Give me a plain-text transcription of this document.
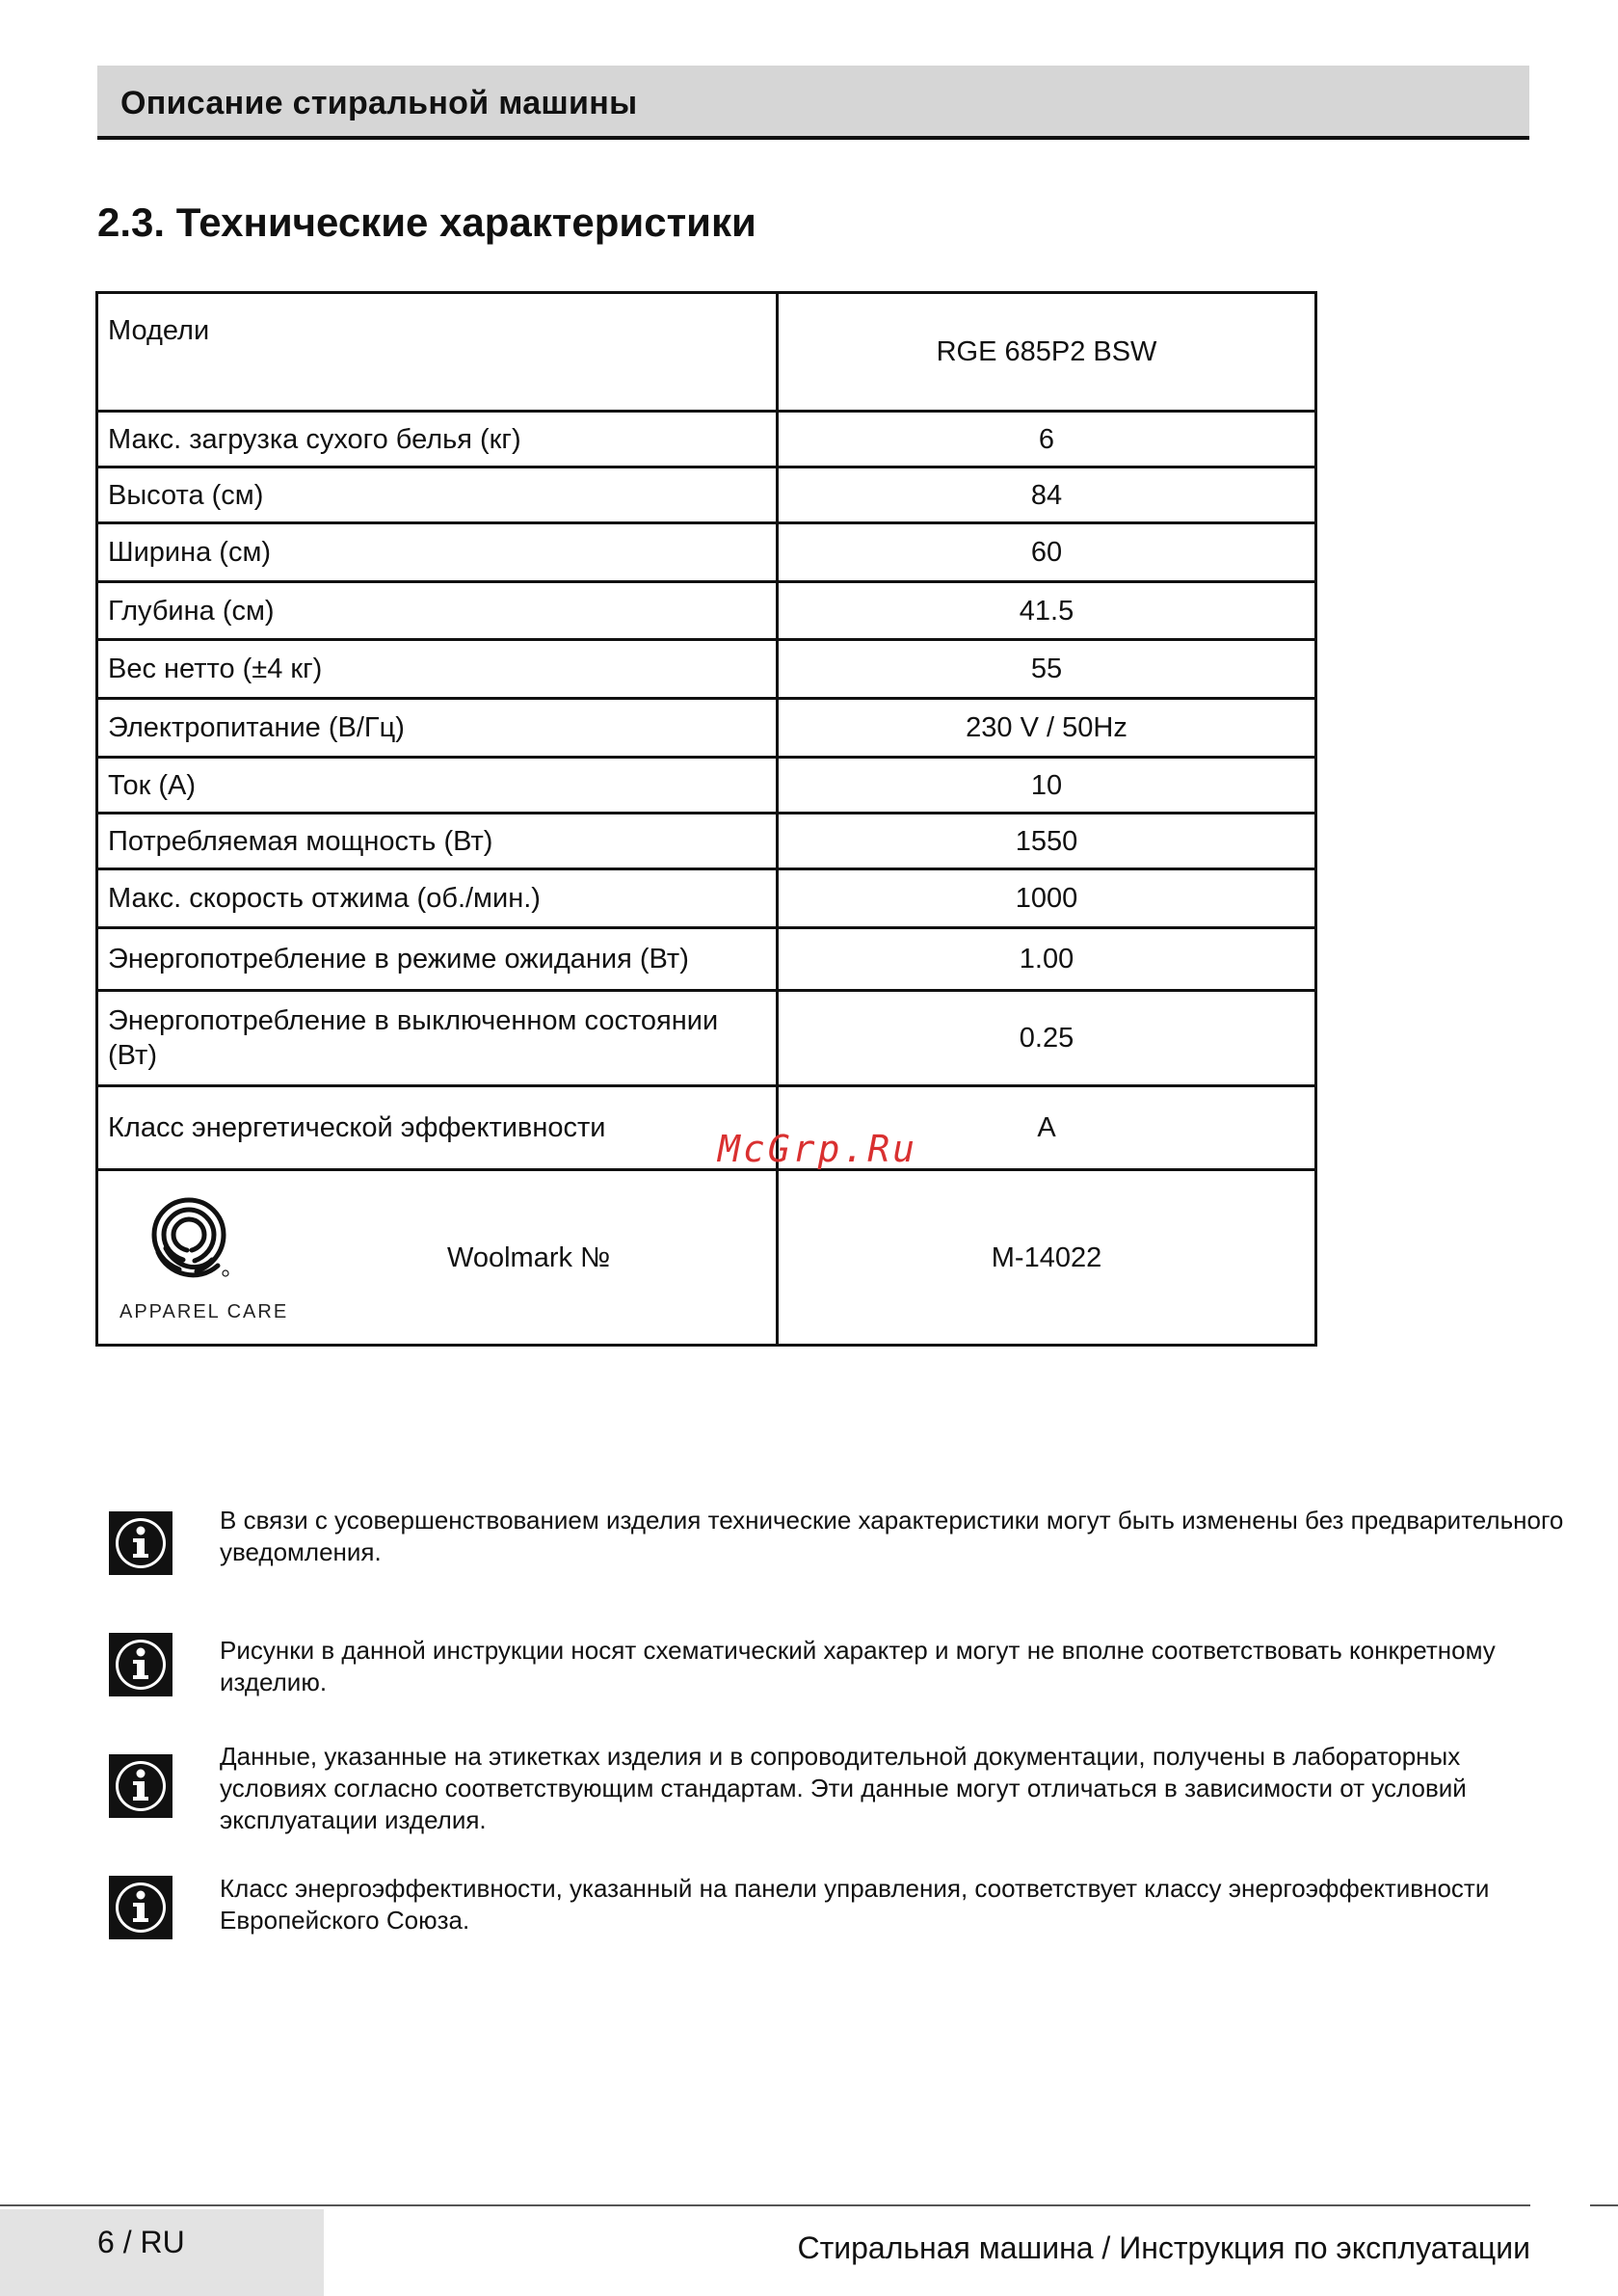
Описание стиральной машины
2.3. Технические характеристики
Модели	RGE 685P2 BSW
Макс. загрузка сухого белья (кг)	6
Высота (см)	84
Ширина (см)	60
Глубина (см)	41.5
Вес нетто (±4 кг)	55
Электропитание (В/Гц)	230 V / 50Hz
Ток (А)	10
Потребляемая мощность (Вт)	1550
Макс. скорость отжима (об./мин.)	1000
Энергопотребление в режиме ожидания (Вт)	1.00
Энергопотребление в выключенном состоянии (Вт)	0.25
Класс энергетической эффективности	A

APPAREL CARE
Woolmark №	M-14022
McGrp.Ru
В связи с усовершенствованием изделия технические характеристики могут быть изменены без предварительного уведомления.
Рисунки в данной инструкции носят схематический характер и могут не вполне соответствовать конкретному изделию.
Данные, указанные на этикетках изделия и в сопроводительной документации, получены в лабораторных условиях согласно соответствующим стандартам. Эти данные могут отличаться в зависимости от условий эксплуатации изделия.
Класс энергоэффективности, указанный на панели управления, соответствует классу энергоэффективности Европейского Союза.
6 / RU	Стиральная машина / Инструкция по эксплуатации
